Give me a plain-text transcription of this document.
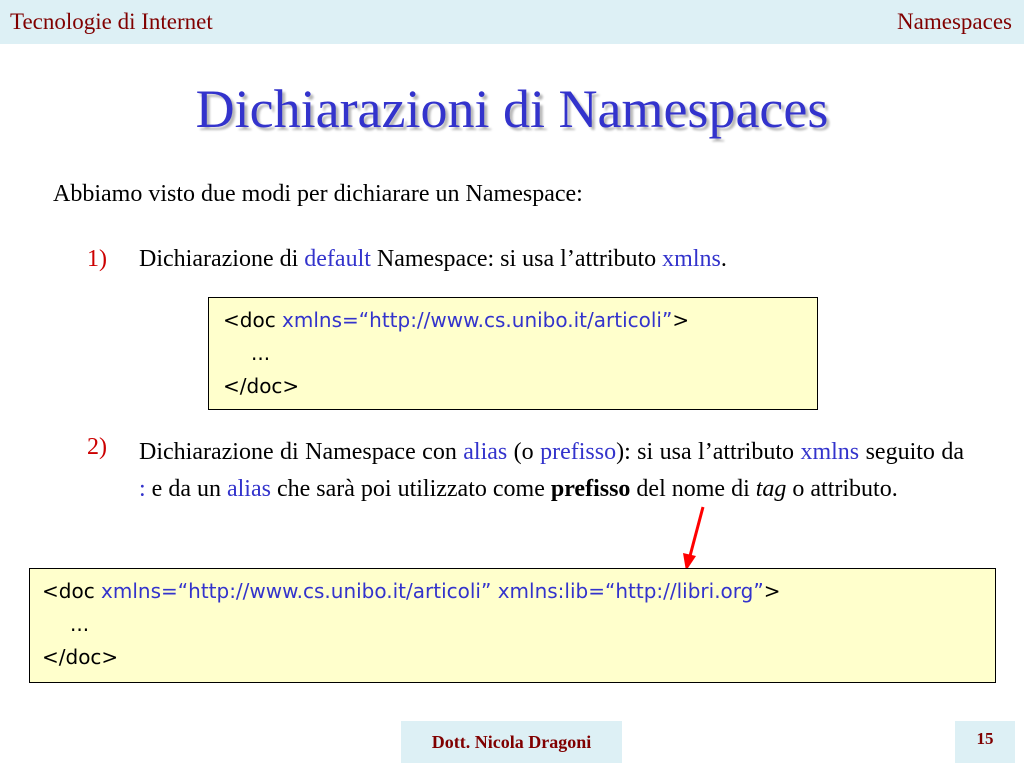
Tecnologie di Internet	Namespaces
Dichiarazioni di Namespaces
Abbiamo visto due modi per dichiarare un Namespace:
1) Dichiarazione di default Namespace: si usa l’attributo xmlns.
<doc xmlns=“http://www.cs.unibo.it/articoli”>
...
</doc>
2) Dichiarazione di Namespace con alias (o prefisso): si usa l’attributo xmlns seguito da : e da un alias che sarà poi utilizzato come prefisso del nome di tag o attributo.
<doc xmlns=“http://www.cs.unibo.it/articoli” xmlns:lib=“http://libri.org”>
...
</doc>
Dott. Nicola Dragoni	15
